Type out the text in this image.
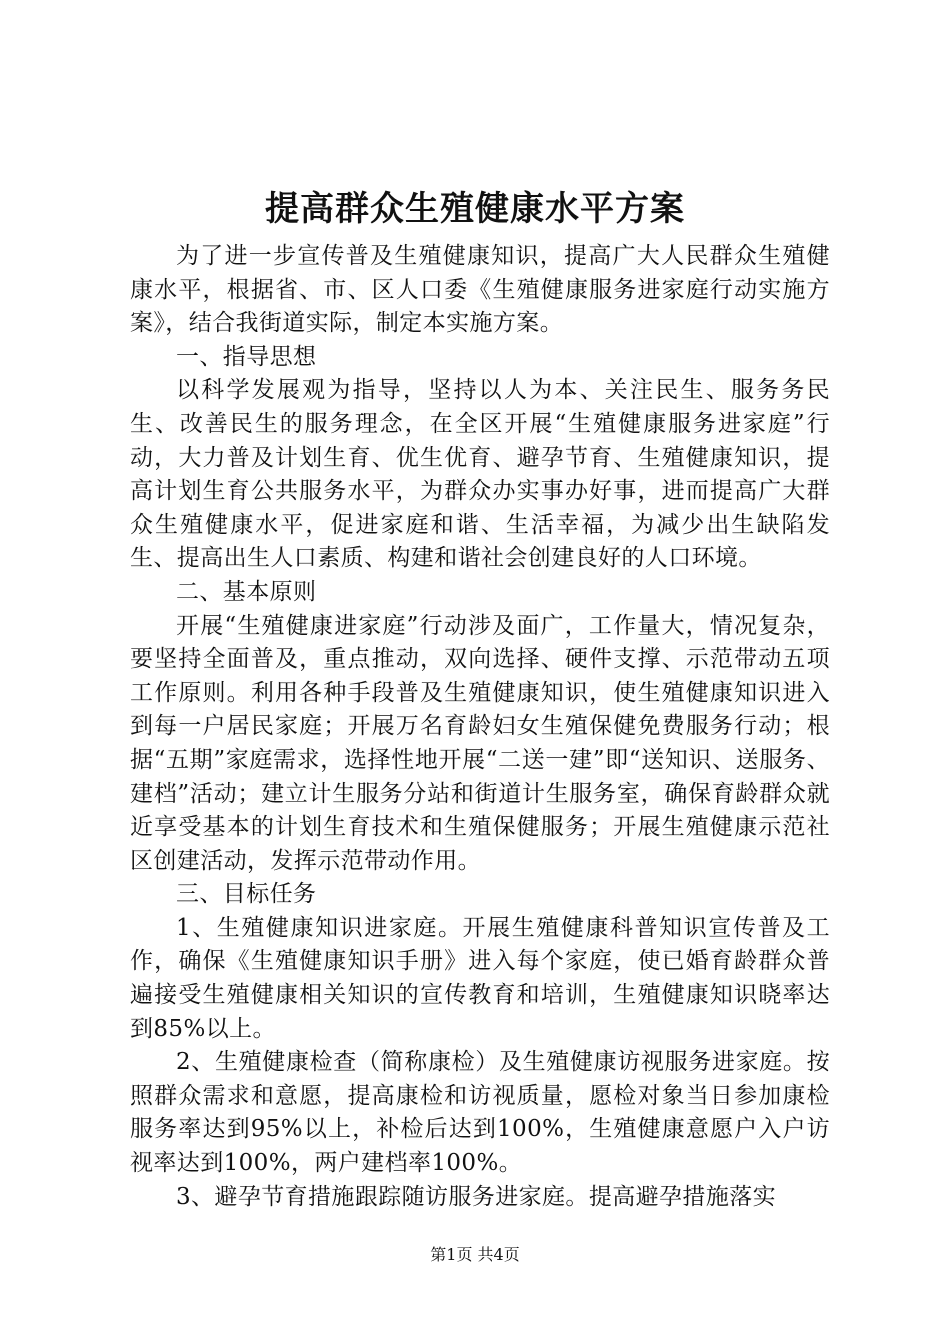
提高群众生殖健康水平方案

为了进一步宣传普及生殖健康知识，提高广大人民群众生殖健康水平，根据省、市、区人口委《生殖健康服务进家庭行动实施方案》，结合我街道实际，制定本实施方案。

一、指导思想

以科学发展观为指导，坚持以人为本、关注民生、服务务民生、改善民生的服务理念，在全区开展“生殖健康服务进家庭”行动，大力普及计划生育、优生优育、避孕节育、生殖健康知识，提高计划生育公共服务水平，为群众办实事办好事，进而提高广大群众生殖健康水平，促进家庭和谐、生活幸福，为减少出生缺陷发生、提高出生人口素质、构建和谐社会创建良好的人口环境。

二、基本原则

开展“生殖健康进家庭”行动涉及面广，工作量大，情况复杂，要坚持全面普及，重点推动，双向选择、硬件支撑、示范带动五项工作原则。利用各种手段普及生殖健康知识，使生殖健康知识进入到每一户居民家庭；开展万名育龄妇女生殖保健免费服务行动；根据“五期”家庭需求，选择性地开展“二送一建”即“送知识、送服务、建档”活动；建立计生服务分站和街道计生服务室，确保育龄群众就近享受基本的计划生育技术和生殖保健服务；开展生殖健康示范社区创建活动，发挥示范带动作用。

三、目标任务

1、生殖健康知识进家庭。开展生殖健康科普知识宣传普及工作，确保《生殖健康知识手册》进入每个家庭，使已婚育龄群众普遍接受生殖健康相关知识的宣传教育和培训，生殖健康知识晓率达到85%以上。

2、生殖健康检查（简称康检）及生殖健康访视服务进家庭。按照群众需求和意愿，提高康检和访视质量，愿检对象当日参加康检服务率达到95%以上，补检后达到100%，生殖健康意愿户入户访视率达到100%，两户建档率100%。

3、避孕节育措施跟踪随访服务进家庭。提高避孕措施落实

第1页 共4页
